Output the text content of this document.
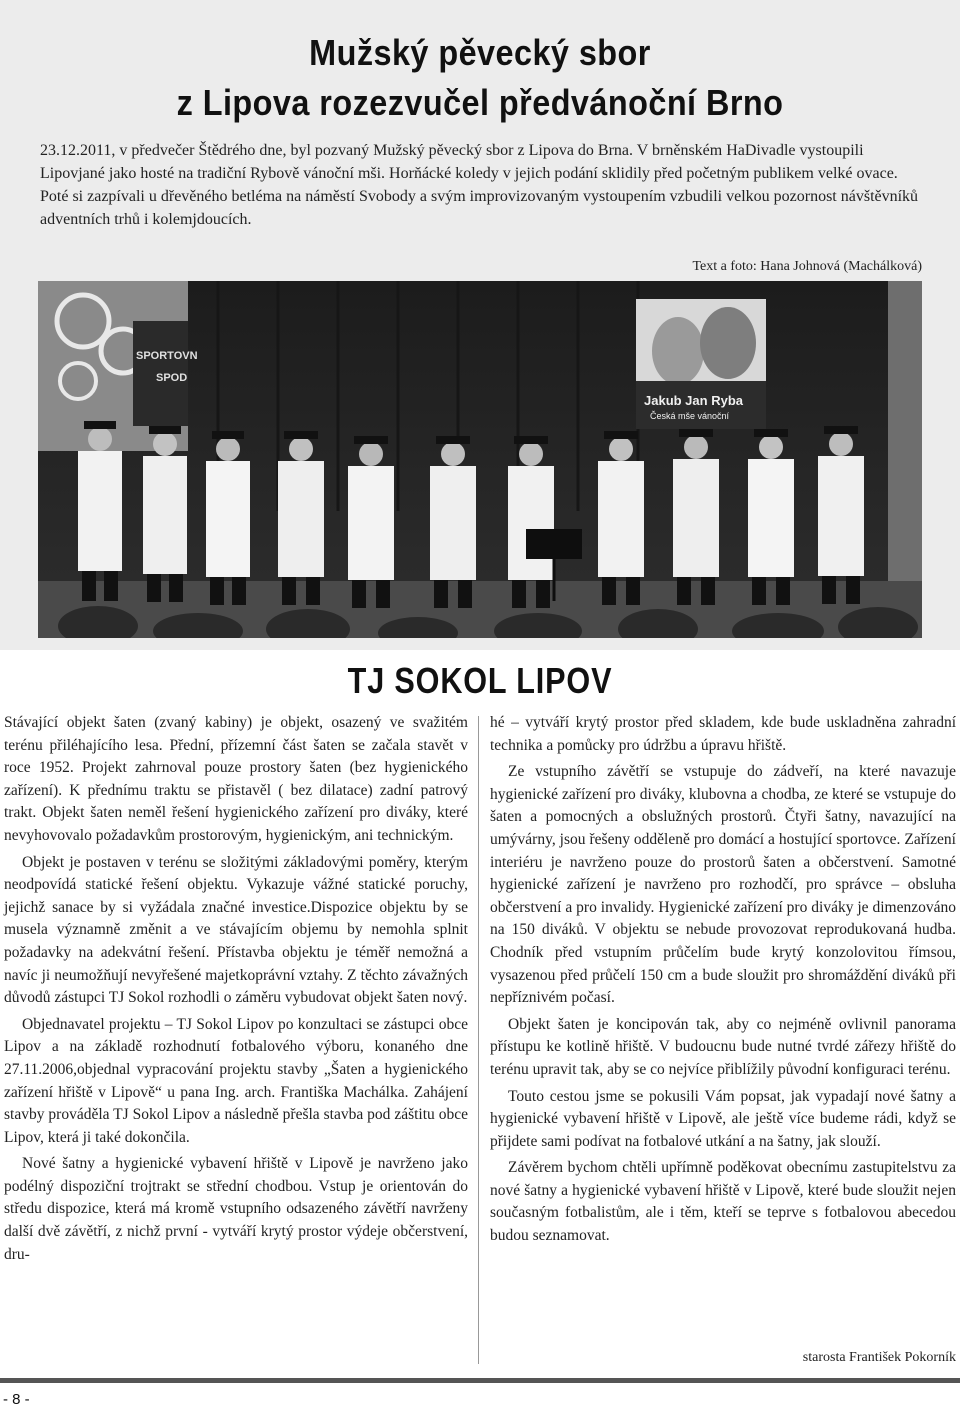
Mužský pěvecký sbor
z Lipova rozezvučel předvánoční Brno

23.12.2011, v předvečer Štědrého dne, byl pozvaný Mužský pěvecký sbor z Lipova do Brna. V brněnském HaDivadle vystoupili Lipovjané jako hosté na tradiční Rybově vánoční mši. Horňácké koledy v jejich podání sklidily před početným publikem velké ovace. Poté si zazpívali u dřevěného betléma na náměstí Svobody a svým improvizovaným vystoupením vzbudili velkou pozornost návštěvníků adventních trhů i kolemjdoucích.

Text a foto: Hana Johnová (Machálková)
SPORTOVN
SPOD
Jakub Jan Ryba
Česká mše vánoční
TJ SOKOL LIPOV

Stávající objekt šaten (zvaný kabiny) je objekt, osazený ve svažitém terénu přiléhajícího lesa. Přední, přízemní část šaten se začala stavět v roce 1952. Projekt zahrnoval pouze prostory šaten (bez hygienického zařízení). K přednímu traktu se přistavěl ( bez dilatace) zadní patrový trakt. Objekt šaten neměl řešení hygienického zařízení pro diváky, které nevyhovovalo požadavkům prostorovým, hygienickým, ani technickým.

Objekt je postaven v terénu se složitými základovými poměry, kterým neodpovídá statické řešení objektu. Vykazuje vážné statické poruchy, jejichž sanace by si vyžádala značné investice.Dispozice objektu by se musela významně změnit a ve stávajícím objemu by nemohla splnit požadavky na adekvátní řešení. Přístavba objektu je téměř nemožná a navíc ji neumožňují nevyřešené majetkoprávní vztahy. Z těchto závažných důvodů zástupci TJ Sokol rozhodli o záměru vybudovat objekt šaten nový.

Objednavatel projektu – TJ Sokol Lipov po konzultaci se zástupci obce Lipov a na základě rozhodnutí fotbalového výboru, konaného dne 27.11.2006,objednal vypracování projektu stavby „Šaten a hygienického zařízení hřiště v Lipově“ u pana Ing. arch. Františka Machálka. Zahájení stavby prováděla TJ Sokol Lipov a následně přešla stavba pod záštitu obce Lipov, která ji také dokončila.

Nové šatny a hygienické vybavení hřiště v Lipově je navrženo jako podélný dispoziční trojtrakt se střední chodbou. Vstup je orientován do středu dispozice, která má kromě vstupního odsazeného závětří navrženy další dvě závětří, z nichž první - vytváří krytý prostor výdeje občerstvení, dru-

hé – vytváří krytý prostor před skladem, kde bude uskladněna zahradní technika a pomůcky pro údržbu a úpravu hřiště.

Ze vstupního závětří se vstupuje do zádveří, na které navazuje hygienické zařízení pro diváky, klubovna a chodba, ze které se vstupuje do šaten a pomocných a obslužných prostorů. Čtyři šatny, navazující na umývárny, jsou řešeny odděleně pro domácí a hostující sportovce. Zařízení interiéru je navrženo pouze do prostorů šaten a občerstvení. Samotné hygienické zařízení je navrženo pro rozhodčí, pro správce – obsluha občerstvení a pro invalidy. Hygienické zařízení pro diváky je dimenzováno na 150 diváků. V objektu se nebude provozovat reprodukovaná hudba. Chodník před vstupním průčelím bude krytý konzolovitou římsou, vysazenou před průčelí 150 cm a bude sloužit pro shromáždění diváků při nepříznivém počasí.

Objekt šaten je koncipován tak, aby co nejméně ovlivnil panorama přístupu ke kotlině hřiště. V budoucnu bude nutné tvrdé zářezy hřiště do terénu upravit tak, aby se co nejvíce přiblížily původní konfiguraci terénu.

Touto cestou jsme se pokusili Vám popsat, jak vypadají nové šatny a hygienické vybavení hřiště v Lipově, ale ještě více budeme rádi, když se přijdete sami podívat na fotbalové utkání a na šatny, jak slouží.

Závěrem bychom chtěli upřímně poděkovat obecnímu zastupitelstvu za nové šatny a hygienické vybavení hřiště v Lipově, které bude sloužit nejen současným fotbalistům, ale i těm, kteří se teprve s fotbalovou abecedou budou seznamovat.

starosta František Pokorník
- 8 -
